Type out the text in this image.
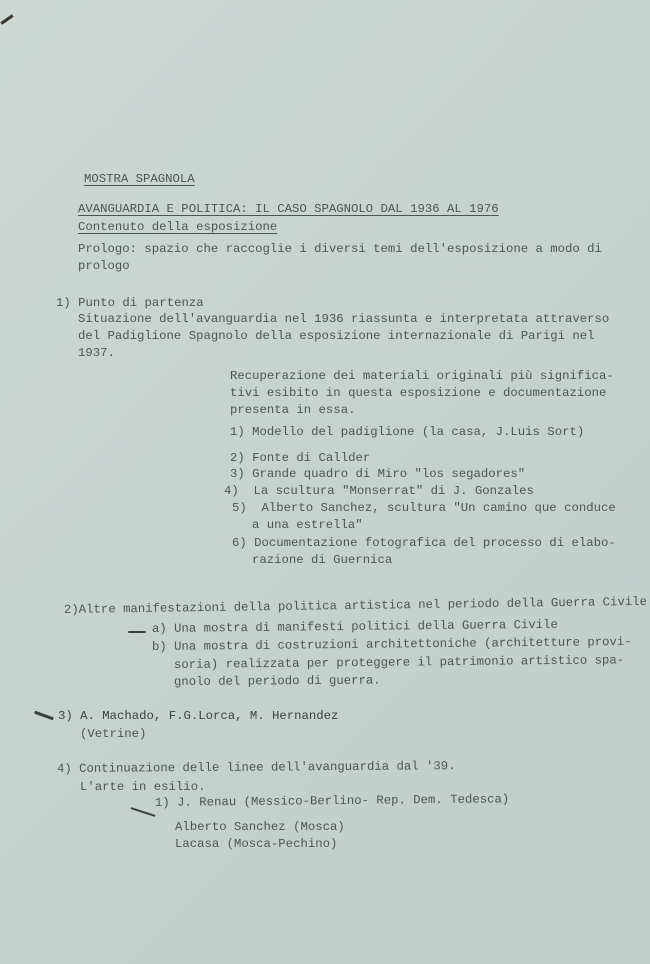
MOSTRA SPAGNOLA
AVANGUARDIA E POLITICA: IL CASO SPAGNOLO DAL 1936 AL 1976
Contenuto della esposizione
Prologo: spazio che raccoglie i diversi temi dell'esposizione a modo di
prologo
1) Punto di partenza
Situazione dell'avanguardia nel 1936 riassunta e interpretata attraverso
del Padiglione Spagnolo della esposizione internazionale di Parigi nel
1937.
Recuperazione dei materiali originali più significa-
tivi esibito in questa esposizione e documentazione
presenta in essa.
1) Modello del padiglione (la casa, J.Luis Sort)
2) Fonte di Callder
3) Grande quadro di Miro "los segadores"
4)  La scultura "Monserrat" di J. Gonzales
5)  Alberto Sanchez, scultura "Un camino que conduce
a una estrella"
6) Documentazione fotografica del processo di elabo-
razione di Guernica
2)Altre manifestazioni della politica artistica nel periodo della Guerra Civile
a) Una mostra di manifesti politici della Guerra Civile
b) Una mostra di costruzioni architettoniche (architetture provi-
soria) realizzata per proteggere il patrimonio artistico spa-
gnolo del periodo di guerra.
3) A. Machado, F.G.Lorca, M. Hernandez
(Vetrine)
4) Continuazione delle linee dell'avanguardia dal '39.
L'arte in esilio.
1) J. Renau (Messico-Berlino- Rep. Dem. Tedesca)
Alberto Sanchez (Mosca)
Lacasa (Mosca-Pechino)
